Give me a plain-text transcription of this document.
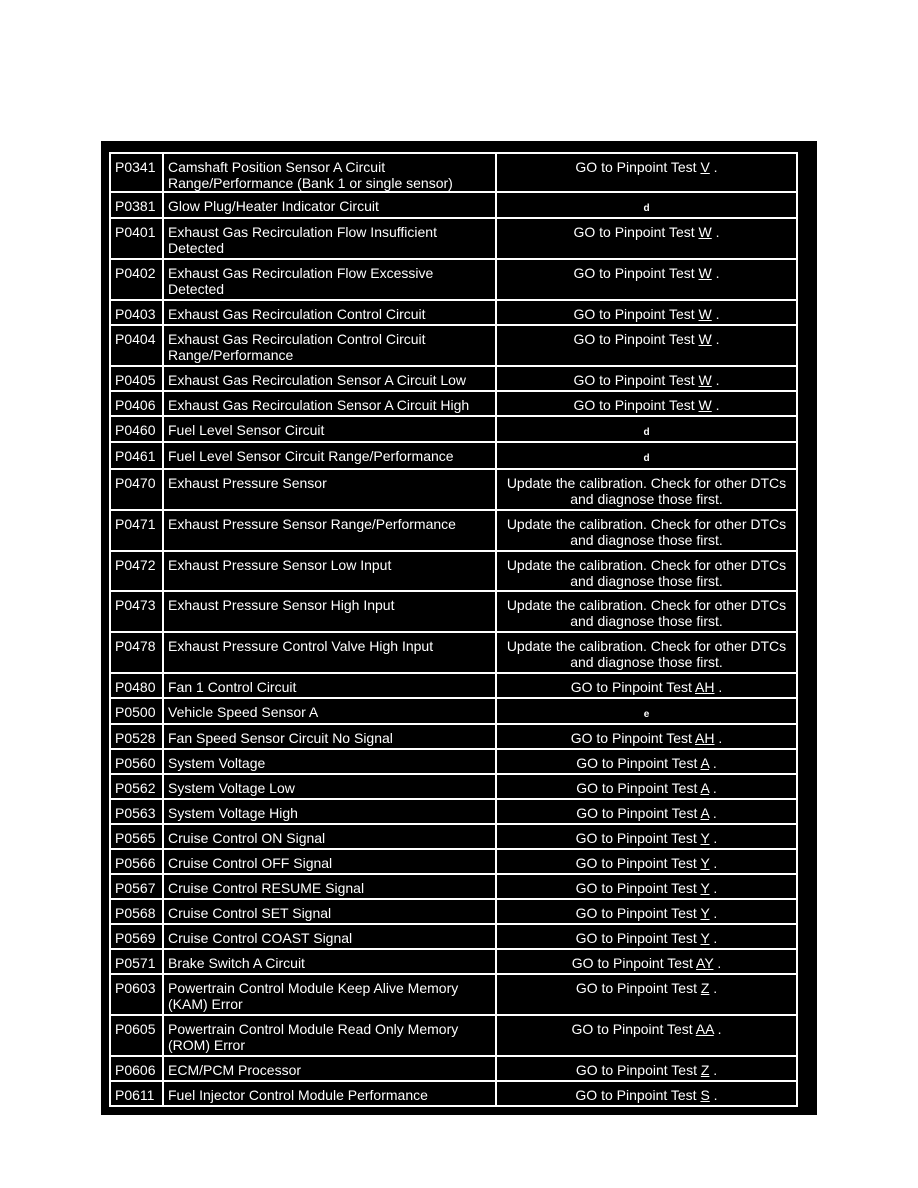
P0341	Camshaft Position Sensor A Circuit Range/Performance (Bank 1 or single sensor)	GO to Pinpoint Test V .
P0381	Glow Plug/Heater Indicator Circuit	d
P0401	Exhaust Gas Recirculation Flow Insufficient Detected	GO to Pinpoint Test W .
P0402	Exhaust Gas Recirculation Flow Excessive Detected	GO to Pinpoint Test W .
P0403	Exhaust Gas Recirculation Control Circuit	GO to Pinpoint Test W .
P0404	Exhaust Gas Recirculation Control Circuit Range/Performance	GO to Pinpoint Test W .
P0405	Exhaust Gas Recirculation Sensor A Circuit Low	GO to Pinpoint Test W .
P0406	Exhaust Gas Recirculation Sensor A Circuit High	GO to Pinpoint Test W .
P0460	Fuel Level Sensor Circuit	d
P0461	Fuel Level Sensor Circuit Range/Performance	d
P0470	Exhaust Pressure Sensor	Update the calibration. Check for other DTCs and diagnose those first.
P0471	Exhaust Pressure Sensor Range/Performance	Update the calibration. Check for other DTCs and diagnose those first.
P0472	Exhaust Pressure Sensor Low Input	Update the calibration. Check for other DTCs and diagnose those first.
P0473	Exhaust Pressure Sensor High Input	Update the calibration. Check for other DTCs and diagnose those first.
P0478	Exhaust Pressure Control Valve High Input	Update the calibration. Check for other DTCs and diagnose those first.
P0480	Fan 1 Control Circuit	GO to Pinpoint Test AH .
P0500	Vehicle Speed Sensor A	e
P0528	Fan Speed Sensor Circuit No Signal	GO to Pinpoint Test AH .
P0560	System Voltage	GO to Pinpoint Test A .
P0562	System Voltage Low	GO to Pinpoint Test A .
P0563	System Voltage High	GO to Pinpoint Test A .
P0565	Cruise Control ON Signal	GO to Pinpoint Test Y .
P0566	Cruise Control OFF Signal	GO to Pinpoint Test Y .
P0567	Cruise Control RESUME Signal	GO to Pinpoint Test Y .
P0568	Cruise Control SET Signal	GO to Pinpoint Test Y .
P0569	Cruise Control COAST Signal	GO to Pinpoint Test Y .
P0571	Brake Switch A Circuit	GO to Pinpoint Test AY .
P0603	Powertrain Control Module Keep Alive Memory (KAM) Error	GO to Pinpoint Test Z .
P0605	Powertrain Control Module Read Only Memory (ROM) Error	GO to Pinpoint Test AA .
P0606	ECM/PCM Processor	GO to Pinpoint Test Z .
P0611	Fuel Injector Control Module Performance	GO to Pinpoint Test S .
